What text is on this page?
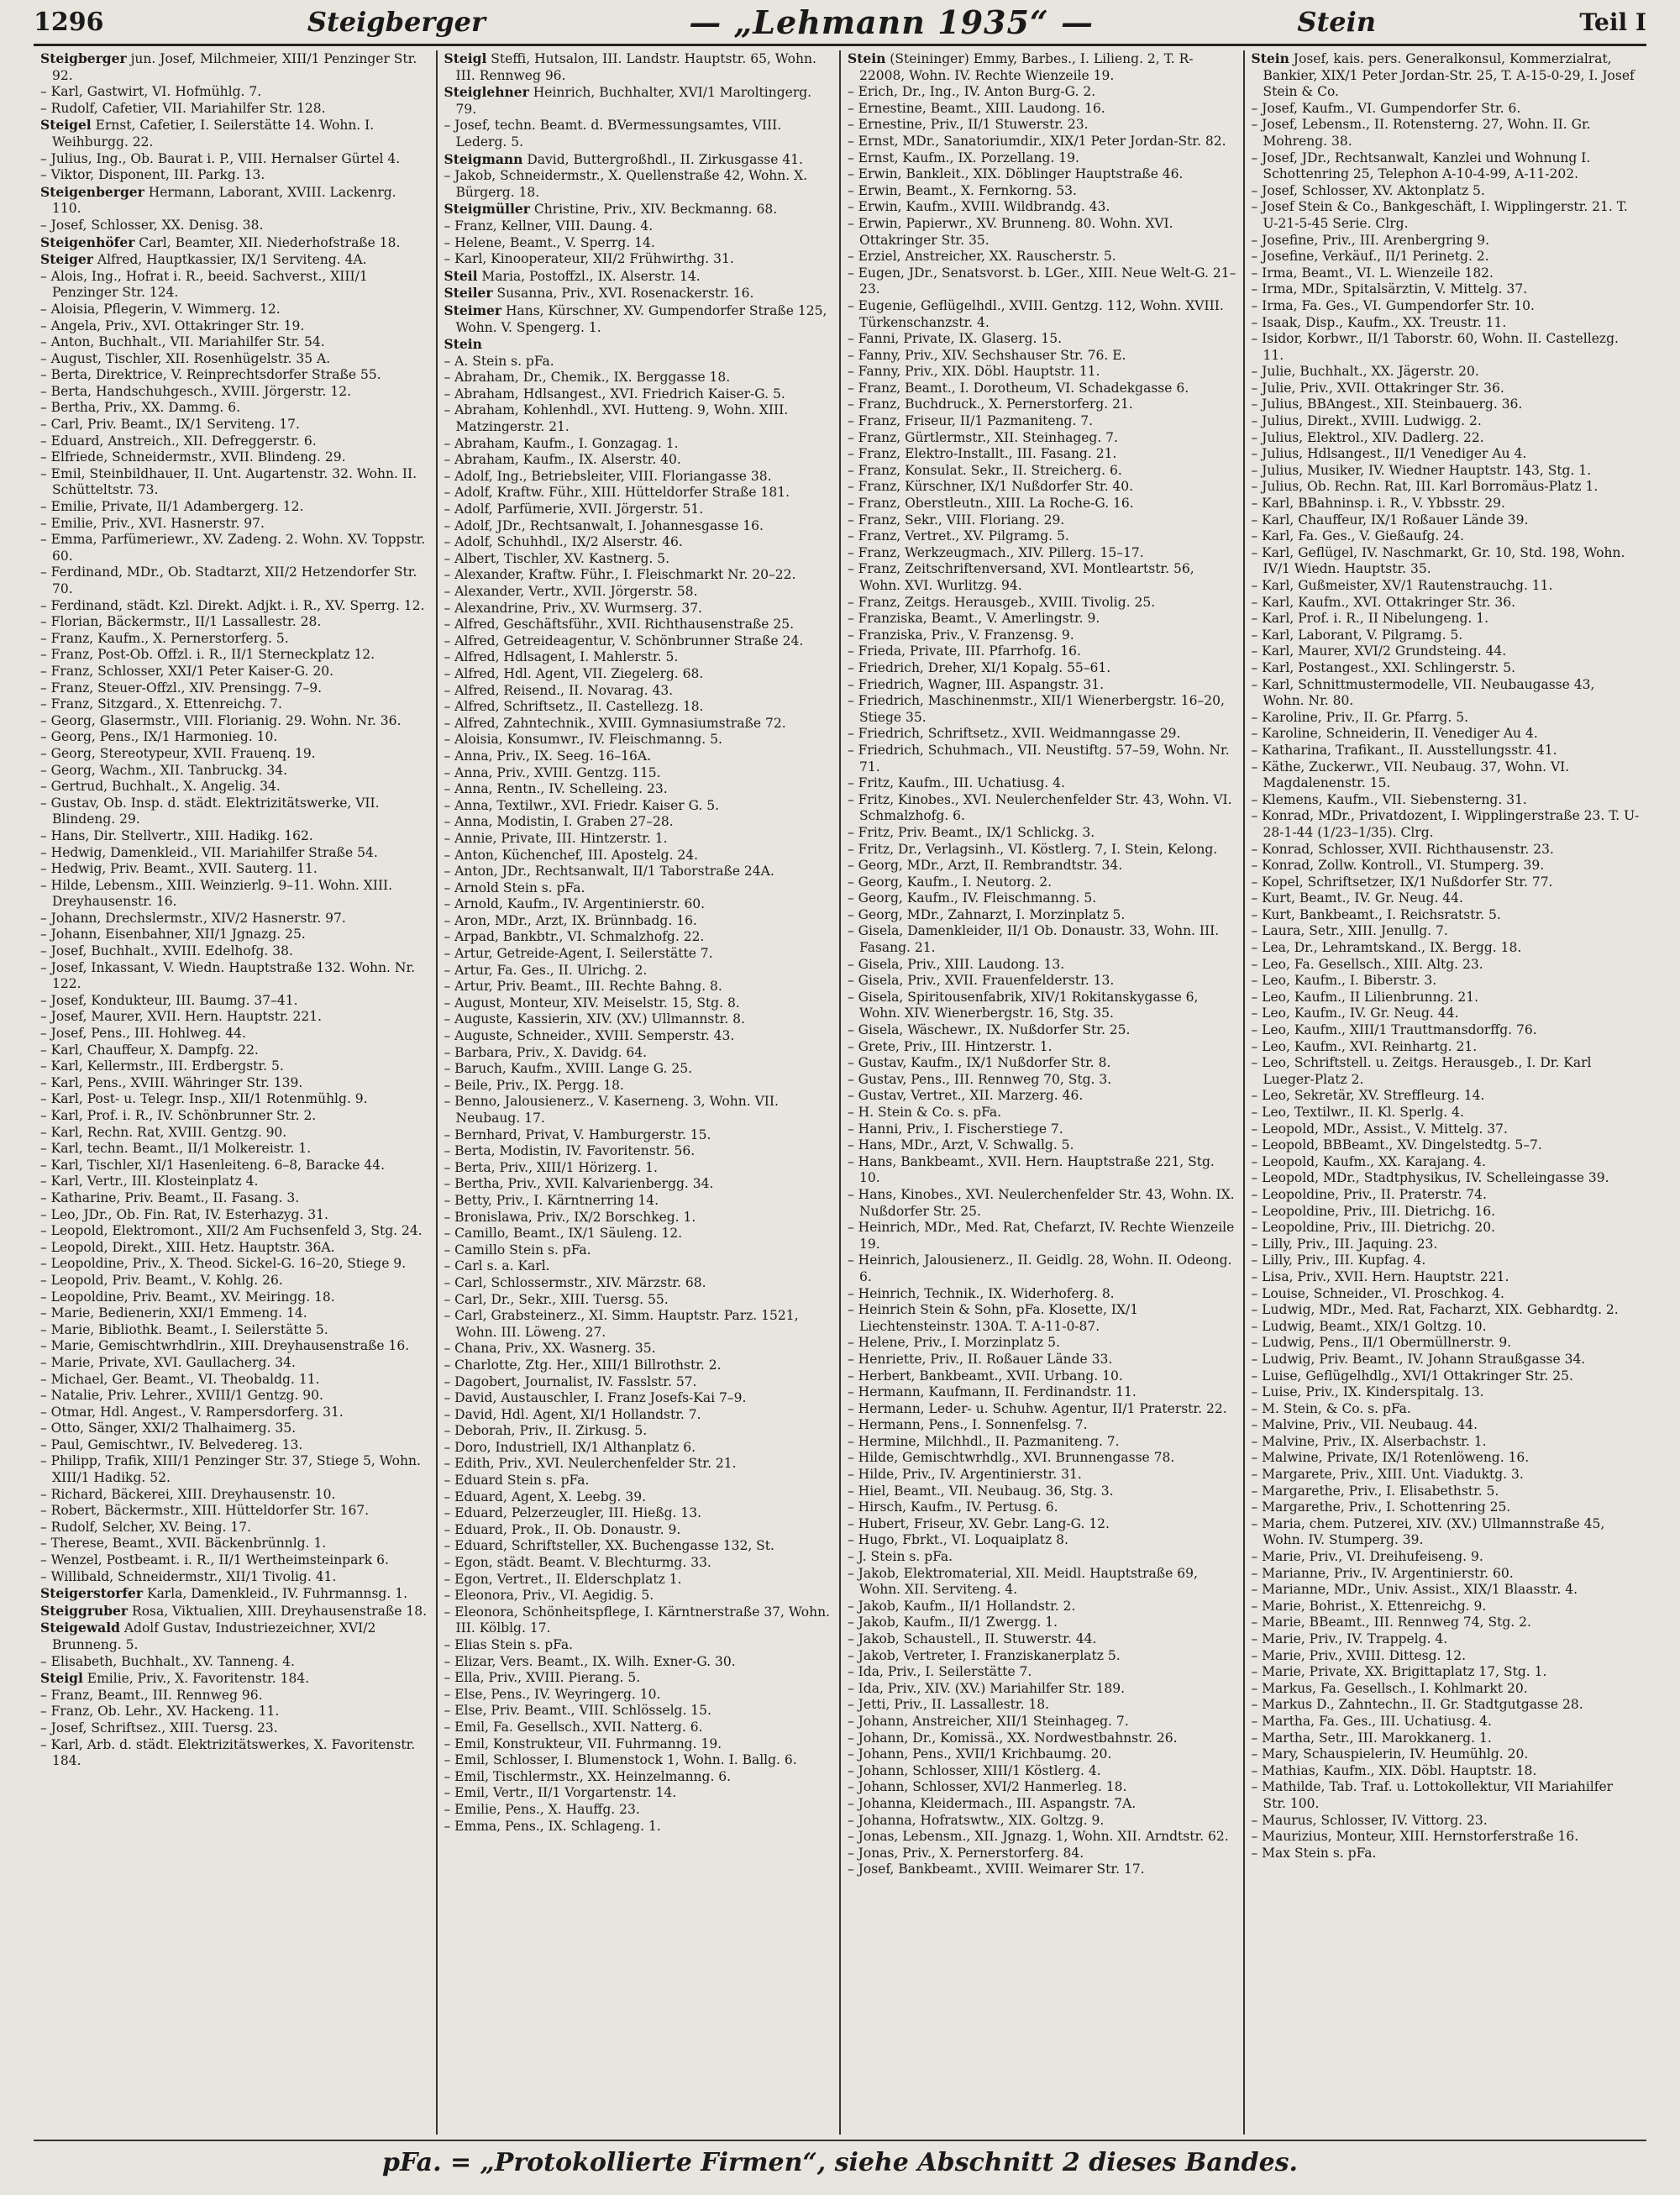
1296	Steigberger	— „Lehmann 1935“ —	Stein	Teil I
Steigberger jun. Josef, Milchmeier, XIII/1 Penzinger Str. 92.
– Karl, Gastwirt, VI. Hofmühlg. 7.
– Rudolf, Cafetier, VII. Mariahilfer Str. 128.
Steigel Ernst, Cafetier, I. Seilerstätte 14. Wohn. I. Weihburgg. 22.
– Julius, Ing., Ob. Baurat i. P., VIII. Hernalser Gürtel 4.
– Viktor, Disponent, III. Parkg. 13.
Steigenberger Hermann, Laborant, XVIII. Lackenrg. 110.
– Josef, Schlosser, XX. Denisg. 38.
Steigenhöfer Carl, Beamter, XII. Niederhofstraße 18.
Steiger Alfred, Hauptkassier, IX/1 Serviteng. 4A.
– Alois, Ing., Hofrat i. R., beeid. Sachverst., XIII/1 Penzinger Str. 124.
– Aloisia, Pflegerin, V. Wimmerg. 12.
– Angela, Priv., XVI. Ottakringer Str. 19.
– Anton, Buchhalt., VII. Mariahilfer Str. 54.
– August, Tischler, XII. Rosenhügelstr. 35 A.
– Berta, Direktrice, V. Reinprechtsdorfer Straße 55.
– Berta, Handschuhgesch., XVIII. Jörgerstr. 12.
– Bertha, Priv., XX. Dammg. 6.
– Carl, Priv. Beamt., IX/1 Serviteng. 17.
– Eduard, Anstreich., XII. Defreggerstr. 6.
– Elfriede, Schneidermstr., XVII. Blindeng. 29.
– Emil, Steinbildhauer, II. Unt. Augartenstr. 32. Wohn. II. Schütteltstr. 73.
– Emilie, Private, II/1 Adambergerg. 12.
– Emilie, Priv., XVI. Hasnerstr. 97.
– Emma, Parfümeriewr., XV. Zadeng. 2. Wohn. XV. Toppstr. 60.
– Ferdinand, MDr., Ob. Stadtarzt, XII/2 Hetzendorfer Str. 70.
– Ferdinand, städt. Kzl. Direkt. Adjkt. i. R., XV. Sperrg. 12.
– Florian, Bäckermstr., II/1 Lassallestr. 28.
– Franz, Kaufm., X. Pernerstorferg. 5.
– Franz, Post-Ob. Offzl. i. R., II/1 Sterneckplatz 12.
– Franz, Schlosser, XXI/1 Peter Kaiser-G. 20.
– Franz, Steuer-Offzl., XIV. Prensingg. 7–9.
– Franz, Sitzgard., X. Ettenreichg. 7.
– Georg, Glasermstr., VIII. Florianig. 29. Wohn. Nr. 36.
– Georg, Pens., IX/1 Harmonieg. 10.
– Georg, Stereotypeur, XVII. Frauenq. 19.
– Georg, Wachm., XII. Tanbruckg. 34.
– Gertrud, Buchhalt., X. Angelig. 34.
– Gustav, Ob. Insp. d. städt. Elektrizitätswerke, VII. Blindeng. 29.
– Hans, Dir. Stellvertr., XIII. Hadikg. 162.
– Hedwig, Damenkleid., VII. Mariahilfer Straße 54.
– Hedwig, Priv. Beamt., XVII. Sauterg. 11.
– Hilde, Lebensm., XIII. Weinzierlg. 9–11. Wohn. XIII. Dreyhausenstr. 16.
– Johann, Drechslermstr., XIV/2 Hasnerstr. 97.
– Johann, Eisenbahner, XII/1 Jgnazg. 25.
– Josef, Buchhalt., XVIII. Edelhofg. 38.
– Josef, Inkassant, V. Wiedn. Hauptstraße 132. Wohn. Nr. 122.
– Josef, Kondukteur, III. Baumg. 37–41.
– Josef, Maurer, XVII. Hern. Hauptstr. 221.
– Josef, Pens., III. Hohlweg. 44.
– Karl, Chauffeur, X. Dampfg. 22.
– Karl, Kellermstr., III. Erdbergstr. 5.
– Karl, Pens., XVIII. Währinger Str. 139.
– Karl, Post- u. Telegr. Insp., XII/1 Rotenmühlg. 9.
– Karl, Prof. i. R., IV. Schönbrunner Str. 2.
– Karl, Rechn. Rat, XVIII. Gentzg. 90.
– Karl, techn. Beamt., II/1 Molkereistr. 1.
– Karl, Tischler, XI/1 Hasenleiteng. 6–8, Baracke 44.
– Karl, Vertr., III. Klosteinplatz 4.
– Katharine, Priv. Beamt., II. Fasang. 3.
– Leo, JDr., Ob. Fin. Rat, IV. Esterhazyg. 31.
– Leopold, Elektromont., XII/2 Am Fuchsenfeld 3, Stg. 24.
– Leopold, Direkt., XIII. Hetz. Hauptstr. 36A.
– Leopoldine, Priv., X. Theod. Sickel-G. 16–20, Stiege 9.
– Leopold, Priv. Beamt., V. Kohlg. 26.
– Leopoldine, Priv. Beamt., XV. Meiringg. 18.
– Marie, Bedienerin, XXI/1 Emmeng. 14.
– Marie, Bibliothk. Beamt., I. Seilerstätte 5.
– Marie, Gemischtwrhdlrin., XIII. Dreyhausenstraße 16.
– Marie, Private, XVI. Gaullacherg. 34.
– Michael, Ger. Beamt., VI. Theobaldg. 11.
– Natalie, Priv. Lehrer., XVIII/1 Gentzg. 90.
– Otmar, Hdl. Angest., V. Rampersdorferg. 31.
– Otto, Sänger, XXI/2 Thalhaimerg. 35.
– Paul, Gemischtwr., IV. Belvedereg. 13.
– Philipp, Trafik, XIII/1 Penzinger Str. 37, Stiege 5, Wohn. XIII/1 Hadikg. 52.
– Richard, Bäckerei, XIII. Dreyhausenstr. 10.
– Robert, Bäckermstr., XIII. Hütteldorfer Str. 167.
– Rudolf, Selcher, XV. Being. 17.
– Therese, Beamt., XVII. Bäckenbrünnlg. 1.
– Wenzel, Postbeamt. i. R., II/1 Wertheimsteinpark 6.
– Willibald, Schneidermstr., XII/1 Tivolig. 41.
Steigerstorfer Karla, Damenkleid., IV. Fuhrmannsg. 1.
Steiggruber Rosa, Viktualien, XIII. Dreyhausenstraße 18.
Steigewald Adolf Gustav, Industriezeichner, XVI/2 Brunneng. 5.
– Elisabeth, Buchhalt., XV. Tanneng. 4.
Steigl Emilie, Priv., X. Favoritenstr. 184.
– Franz, Beamt., III. Rennweg 96.
– Franz, Ob. Lehr., XV. Hackeng. 11.
– Josef, Schriftsez., XIII. Tuersg. 23.
– Karl, Arb. d. städt. Elektrizitätswerkes, X. Favoritenstr. 184.
Steigl Steffi, Hutsalon, III. Landstr. Hauptstr. 65, Wohn. III. Rennweg 96.
Steiglehner Heinrich, Buchhalter, XVI/1 Maroltingerg. 79.
– Josef, techn. Beamt. d. BVermessungsamtes, VIII. Lederg. 5.
Steigmann David, Buttergroßhdl., II. Zirkusgasse 41.
– Jakob, Schneidermstr., X. Quellenstraße 42, Wohn. X. Bürgerg. 18.
Steigmüller Christine, Priv., XIV. Beckmanng. 68.
– Franz, Kellner, VIII. Daung. 4.
– Helene, Beamt., V. Sperrg. 14.
– Karl, Kinooperateur, XII/2 Frühwirthg. 31.
Steil Maria, Postoffzl., IX. Alserstr. 14.
Steiler Susanna, Priv., XVI. Rosenackerstr. 16.
Steimer Hans, Kürschner, XV. Gumpendorfer Straße 125, Wohn. V. Spengerg. 1.
Stein
– A. Stein s. pFa.
– Abraham, Dr., Chemik., IX. Berggasse 18.
– Abraham, Hdlsangest., XVI. Friedrich Kaiser-G. 5.
– Abraham, Kohlenhdl., XVI. Hutteng. 9, Wohn. XIII. Matzingerstr. 21.
– Abraham, Kaufm., I. Gonzagag. 1.
– Abraham, Kaufm., IX. Alserstr. 40.
– Adolf, Ing., Betriebsleiter, VIII. Floriangasse 38.
– Adolf, Kraftw. Führ., XIII. Hütteldorfer Straße 181.
– Adolf, Parfümerie, XVII. Jörgerstr. 51.
– Adolf, JDr., Rechtsanwalt, I. Johannesgasse 16.
– Adolf, Schuhhdl., IX/2 Alserstr. 46.
– Albert, Tischler, XV. Kastnerg. 5.
– Alexander, Kraftw. Führ., I. Fleischmarkt Nr. 20–22.
– Alexander, Vertr., XVII. Jörgerstr. 58.
– Alexandrine, Priv., XV. Wurmserg. 37.
– Alfred, Geschäftsführ., XVII. Richthausenstraße 25.
– Alfred, Getreideagentur, V. Schönbrunner Straße 24.
– Alfred, Hdlsagent, I. Mahlerstr. 5.
– Alfred, Hdl. Agent, VII. Ziegelerg. 68.
– Alfred, Reisend., II. Novarag. 43.
– Alfred, Schriftsetz., II. Castellezg. 18.
– Alfred, Zahntechnik., XVIII. Gymnasiumstraße 72.
– Aloisia, Konsumwr., IV. Fleischmanng. 5.
– Anna, Priv., IX. Seeg. 16–16A.
– Anna, Priv., XVIII. Gentzg. 115.
– Anna, Rentn., IV. Schelleing. 23.
– Anna, Textilwr., XVI. Friedr. Kaiser G. 5.
– Anna, Modistin, I. Graben 27–28.
– Annie, Private, III. Hintzerstr. 1.
– Anton, Küchenchef, III. Apostelg. 24.
– Anton, JDr., Rechtsanwalt, II/1 Taborstraße 24A.
– Arnold Stein s. pFa.
– Arnold, Kaufm., IV. Argentinierstr. 60.
– Aron, MDr., Arzt, IX. Brünnbadg. 16.
– Arpad, Bankbtr., VI. Schmalzhofg. 22.
– Artur, Getreide-Agent, I. Seilerstätte 7.
– Artur, Fa. Ges., II. Ulrichg. 2.
– Artur, Priv. Beamt., III. Rechte Bahng. 8.
– August, Monteur, XIV. Meiselstr. 15, Stg. 8.
– Auguste, Kassierin, XIV. (XV.) Ullmannstr. 8.
– Auguste, Schneider., XVIII. Semperstr. 43.
– Barbara, Priv., X. Davidg. 64.
– Baruch, Kaufm., XVIII. Lange G. 25.
– Beile, Priv., IX. Pergg. 18.
– Benno, Jalousienerz., V. Kaserneng. 3, Wohn. VII. Neubaug. 17.
– Bernhard, Privat, V. Hamburgerstr. 15.
– Berta, Modistin, IV. Favoritenstr. 56.
– Berta, Priv., XIII/1 Hörizerg. 1.
– Bertha, Priv., XVII. Kalvarienbergg. 34.
– Betty, Priv., I. Kärntnerring 14.
– Bronislawa, Priv., IX/2 Borschkeg. 1.
– Camillo, Beamt., IX/1 Säuleng. 12.
– Camillo Stein s. pFa.
– Carl s. a. Karl.
– Carl, Schlossermstr., XIV. Märzstr. 68.
– Carl, Dr., Sekr., XIII. Tuersg. 55.
– Carl, Grabsteinerz., XI. Simm. Hauptstr. Parz. 1521, Wohn. III. Löweng. 27.
– Chana, Priv., XX. Wasnerg. 35.
– Charlotte, Ztg. Her., XIII/1 Billrothstr. 2.
– Dagobert, Journalist, IV. Fasslstr. 57.
– David, Austauschler, I. Franz Josefs-Kai 7–9.
– David, Hdl. Agent, XI/1 Hollandstr. 7.
– Deborah, Priv., II. Zirkusg. 5.
– Doro, Industriell, IX/1 Althanplatz 6.
– Edith, Priv., XVI. Neulerchenfelder Str. 21.
– Eduard Stein s. pFa.
– Eduard, Agent, X. Leebg. 39.
– Eduard, Pelzerzeugler, III. Hießg. 13.
– Eduard, Prok., II. Ob. Donaustr. 9.
– Eduard, Schriftsteller, XX. Buchengasse 132, St.
– Egon, städt. Beamt. V. Blechturmg. 33.
– Egon, Vertret., II. Elderschplatz 1.
– Eleonora, Priv., VI. Aegidig. 5.
– Eleonora, Schönheitspflege, I. Kärntnerstraße 37, Wohn. III. Kölblg. 17.
– Elias Stein s. pFa.
– Elizar, Vers. Beamt., IX. Wilh. Exner-G. 30.
– Ella, Priv., XVIII. Pierang. 5.
– Else, Pens., IV. Weyringerg. 10.
– Else, Priv. Beamt., VIII. Schlösselg. 15.
– Emil, Fa. Gesellsch., XVII. Natterg. 6.
– Emil, Konstrukteur, VII. Fuhrmanng. 19.
– Emil, Schlosser, I. Blumenstock 1, Wohn. I. Ballg. 6.
– Emil, Tischlermstr., XX. Heinzelmanng. 6.
– Emil, Vertr., II/1 Vorgartenstr. 14.
– Emilie, Pens., X. Hauffg. 23.
– Emma, Pens., IX. Schlageng. 1.
Stein (Steininger) Emmy, Barbes., I. Lilieng. 2, T. R-22008, Wohn. IV. Rechte Wienzeile 19.
– Erich, Dr., Ing., IV. Anton Burg-G. 2.
– Ernestine, Beamt., XIII. Laudong. 16.
– Ernestine, Priv., II/1 Stuwerstr. 23.
– Ernst, MDr., Sanatoriumdir., XIX/1 Peter Jordan-Str. 82.
– Ernst, Kaufm., IX. Porzellang. 19.
– Erwin, Bankleit., XIX. Döblinger Hauptstraße 46.
– Erwin, Beamt., X. Fernkorng. 53.
– Erwin, Kaufm., XVIII. Wildbrandg. 43.
– Erwin, Papierwr., XV. Brunneng. 80. Wohn. XVI. Ottakringer Str. 35.
– Erziel, Anstreicher, XX. Rauscherstr. 5.
– Eugen, JDr., Senatsvorst. b. LGer., XIII. Neue Welt-G. 21–23.
– Eugenie, Geflügelhdl., XVIII. Gentzg. 112, Wohn. XVIII. Türkenschanzstr. 4.
– Fanni, Private, IX. Glaserg. 15.
– Fanny, Priv., XIV. Sechshauser Str. 76. E.
– Fanny, Priv., XIX. Döbl. Hauptstr. 11.
– Franz, Beamt., I. Dorotheum, VI. Schadekgasse 6.
– Franz, Buchdruck., X. Pernerstorferg. 21.
– Franz, Friseur, II/1 Pazmaniteng. 7.
– Franz, Gürtlermstr., XII. Steinhageg. 7.
– Franz, Elektro-Installt., III. Fasang. 21.
– Franz, Konsulat. Sekr., II. Streicherg. 6.
– Franz, Kürschner, IX/1 Nußdorfer Str. 40.
– Franz, Oberstleutn., XIII. La Roche-G. 16.
– Franz, Sekr., VIII. Floriang. 29.
– Franz, Vertret., XV. Pilgramg. 5.
– Franz, Werkzeugmach., XIV. Pillerg. 15–17.
– Franz, Zeitschriftenversand, XVI. Montleartstr. 56, Wohn. XVI. Wurlitzg. 94.
– Franz, Zeitgs. Herausgeb., XVIII. Tivolig. 25.
– Franziska, Beamt., V. Amerlingstr. 9.
– Franziska, Priv., V. Franzensg. 9.
– Frieda, Private, III. Pfarrhofg. 16.
– Friedrich, Dreher, XI/1 Kopalg. 55–61.
– Friedrich, Wagner, III. Aspangstr. 31.
– Friedrich, Maschinenmstr., XII/1 Wienerbergstr. 16–20, Stiege 35.
– Friedrich, Schriftsetz., XVII. Weidmanngasse 29.
– Friedrich, Schuhmach., VII. Neustiftg. 57–59, Wohn. Nr. 71.
– Fritz, Kaufm., III. Uchatiusg. 4.
– Fritz, Kinobes., XVI. Neulerchenfelder Str. 43, Wohn. VI. Schmalzhofg. 6.
– Fritz, Priv. Beamt., IX/1 Schlickg. 3.
– Fritz, Dr., Verlagsinh., VI. Köstlerg. 7, I. Stein, Kelong.
– Georg, MDr., Arzt, II. Rembrandtstr. 34.
– Georg, Kaufm., I. Neutorg. 2.
– Georg, Kaufm., IV. Fleischmanng. 5.
– Georg, MDr., Zahnarzt, I. Morzinplatz 5.
– Gisela, Damenkleider, II/1 Ob. Donaustr. 33, Wohn. III. Fasang. 21.
– Gisela, Priv., XIII. Laudong. 13.
– Gisela, Priv., XVII. Frauenfelderstr. 13.
– Gisela, Spiritousenfabrik, XIV/1 Rokitanskygasse 6, Wohn. XIV. Wienerbergstr. 16, Stg. 35.
– Gisela, Wäschewr., IX. Nußdorfer Str. 25.
– Grete, Priv., III. Hintzerstr. 1.
– Gustav, Kaufm., IX/1 Nußdorfer Str. 8.
– Gustav, Pens., III. Rennweg 70, Stg. 3.
– Gustav, Vertret., XII. Marzerg. 46.
– H. Stein & Co. s. pFa.
– Hanni, Priv., I. Fischerstiege 7.
– Hans, MDr., Arzt, V. Schwallg. 5.
– Hans, Bankbeamt., XVII. Hern. Hauptstraße 221, Stg. 10.
– Hans, Kinobes., XVI. Neulerchenfelder Str. 43, Wohn. IX. Nußdorfer Str. 25.
– Heinrich, MDr., Med. Rat, Chefarzt, IV. Rechte Wienzeile 19.
– Heinrich, Jalousienerz., II. Geidlg. 28, Wohn. II. Odeong. 6.
– Heinrich, Technik., IX. Widerhoferg. 8.
– Heinrich Stein & Sohn, pFa. Klosette, IX/1 Liechtensteinstr. 130A. T. A-11-0-87.
– Helene, Priv., I. Morzinplatz 5.
– Henriette, Priv., II. Roßauer Lände 33.
– Herbert, Bankbeamt., XVII. Urbang. 10.
– Hermann, Kaufmann, II. Ferdinandstr. 11.
– Hermann, Leder- u. Schuhw. Agentur, II/1 Praterstr. 22.
– Hermann, Pens., I. Sonnenfelsg. 7.
– Hermine, Milchhdl., II. Pazmaniteng. 7.
– Hilde, Gemischtwrhdlg., XVI. Brunnengasse 78.
– Hilde, Priv., IV. Argentinierstr. 31.
– Hiel, Beamt., VII. Neubaug. 36, Stg. 3.
– Hirsch, Kaufm., IV. Pertusg. 6.
– Hubert, Friseur, XV. Gebr. Lang-G. 12.
– Hugo, Fbrkt., VI. Loquaiplatz 8.
– J. Stein s. pFa.
– Jakob, Elektromaterial, XII. Meidl. Hauptstraße 69, Wohn. XII. Serviteng. 4.
– Jakob, Kaufm., II/1 Hollandstr. 2.
– Jakob, Kaufm., II/1 Zwergg. 1.
– Jakob, Schaustell., II. Stuwerstr. 44.
– Jakob, Vertreter, I. Franziskanerplatz 5.
– Ida, Priv., I. Seilerstätte 7.
– Ida, Priv., XIV. (XV.) Mariahilfer Str. 189.
– Jetti, Priv., II. Lassallestr. 18.
– Johann, Anstreicher, XII/1 Steinhageg. 7.
– Johann, Dr., Komissä., XX. Nordwestbahnstr. 26.
– Johann, Pens., XVII/1 Krichbaumg. 20.
– Johann, Schlosser, XIII/1 Köstlerg. 4.
– Johann, Schlosser, XVI/2 Hanmerleg. 18.
– Johanna, Kleidermach., III. Aspangstr. 7A.
– Johanna, Hofratswtw., XIX. Goltzg. 9.
– Jonas, Lebensm., XII. Jgnazg. 1, Wohn. XII. Arndtstr. 62.
– Jonas, Priv., X. Pernerstorferg. 84.
– Josef, Bankbeamt., XVIII. Weimarer Str. 17.
Stein Josef, kais. pers. Generalkonsul, Kommerzialrat, Bankier, XIX/1 Peter Jordan-Str. 25, T. A-15-0-29, I. Josef Stein & Co.
– Josef, Kaufm., VI. Gumpendorfer Str. 6.
– Josef, Lebensm., II. Rotensterng. 27, Wohn. II. Gr. Mohreng. 38.
– Josef, JDr., Rechtsanwalt, Kanzlei und Wohnung I. Schottenring 25, Telephon A-10-4-99, A-11-202.
– Josef, Schlosser, XV. Aktonplatz 5.
– Josef Stein & Co., Bankgeschäft, I. Wipplingerstr. 21. T. U-21-5-45 Serie. Clrg.
– Josefine, Priv., III. Arenbergring 9.
– Josefine, Verkäuf., II/1 Perinetg. 2.
– Irma, Beamt., VI. L. Wienzeile 182.
– Irma, MDr., Spitalsärztin, V. Mittelg. 37.
– Irma, Fa. Ges., VI. Gumpendorfer Str. 10.
– Isaak, Disp., Kaufm., XX. Treustr. 11.
– Isidor, Korbwr., II/1 Taborstr. 60, Wohn. II. Castellezg. 11.
– Julie, Buchhalt., XX. Jägerstr. 20.
– Julie, Priv., XVII. Ottakringer Str. 36.
– Julius, BBAngest., XII. Steinbauerg. 36.
– Julius, Direkt., XVIII. Ludwigg. 2.
– Julius, Elektrol., XIV. Dadlerg. 22.
– Julius, Hdlsangest., II/1 Venediger Au 4.
– Julius, Musiker, IV. Wiedner Hauptstr. 143, Stg. 1.
– Julius, Ob. Rechn. Rat, III. Karl Borromäus-Platz 1.
– Karl, BBahninsp. i. R., V. Ybbsstr. 29.
– Karl, Chauffeur, IX/1 Roßauer Lände 39.
– Karl, Fa. Ges., V. Gießaufg. 24.
– Karl, Geflügel, IV. Naschmarkt, Gr. 10, Std. 198, Wohn. IV/1 Wiedn. Hauptstr. 35.
– Karl, Gußmeister, XV/1 Rautenstrauchg. 11.
– Karl, Kaufm., XVI. Ottakringer Str. 36.
– Karl, Prof. i. R., II Nibelungeng. 1.
– Karl, Laborant, V. Pilgramg. 5.
– Karl, Maurer, XVI/2 Grundsteing. 44.
– Karl, Postangest., XXI. Schlingerstr. 5.
– Karl, Schnittmustermodelle, VII. Neubaugasse 43, Wohn. Nr. 80.
– Karoline, Priv., II. Gr. Pfarrg. 5.
– Karoline, Schneiderin, II. Venediger Au 4.
– Katharina, Trafikant., II. Ausstellungsstr. 41.
– Käthe, Zuckerwr., VII. Neubaug. 37, Wohn. VI. Magdalenenstr. 15.
– Klemens, Kaufm., VII. Siebensterng. 31.
– Konrad, MDr., Privatdozent, I. Wipplingerstraße 23. T. U-28-1-44 (1/23–1/35). Clrg.
– Konrad, Schlosser, XVII. Richthausenstr. 23.
– Konrad, Zollw. Kontroll., VI. Stumperg. 39.
– Kopel, Schriftsetzer, IX/1 Nußdorfer Str. 77.
– Kurt, Beamt., IV. Gr. Neug. 44.
– Kurt, Bankbeamt., I. Reichsratstr. 5.
– Laura, Setr., XIII. Jenullg. 7.
– Lea, Dr., Lehramtskand., IX. Bergg. 18.
– Leo, Fa. Gesellsch., XIII. Altg. 23.
– Leo, Kaufm., I. Biberstr. 3.
– Leo, Kaufm., II Lilienbrunng. 21.
– Leo, Kaufm., IV. Gr. Neug. 44.
– Leo, Kaufm., XIII/1 Trauttmansdorffg. 76.
– Leo, Kaufm., XVI. Reinhartg. 21.
– Leo, Schriftstell. u. Zeitgs. Herausgeb., I. Dr. Karl Lueger-Platz 2.
– Leo, Sekretär, XV. Streffleurg. 14.
– Leo, Textilwr., II. Kl. Sperlg. 4.
– Leopold, MDr., Assist., V. Mittelg. 37.
– Leopold, BBBeamt., XV. Dingelstedtg. 5–7.
– Leopold, Kaufm., XX. Karajang. 4.
– Leopold, MDr., Stadtphysikus, IV. Schelleingasse 39.
– Leopoldine, Priv., II. Praterstr. 74.
– Leopoldine, Priv., III. Dietrichg. 16.
– Leopoldine, Priv., III. Dietrichg. 20.
– Lilly, Priv., III. Jaquing. 23.
– Lilly, Priv., III. Kupfag. 4.
– Lisa, Priv., XVII. Hern. Hauptstr. 221.
– Louise, Schneider., VI. Proschkog. 4.
– Ludwig, MDr., Med. Rat, Facharzt, XIX. Gebhardtg. 2.
– Ludwig, Beamt., XIX/1 Goltzg. 10.
– Ludwig, Pens., II/1 Obermüllnerstr. 9.
– Ludwig, Priv. Beamt., IV. Johann Straußgasse 34.
– Luise, Geflügelhdlg., XVI/1 Ottakringer Str. 25.
– Luise, Priv., IX. Kinderspitalg. 13.
– M. Stein, & Co. s. pFa.
– Malvine, Priv., VII. Neubaug. 44.
– Malvine, Priv., IX. Alserbachstr. 1.
– Malwine, Private, IX/1 Rotenlöweng. 16.
– Margarete, Priv., XIII. Unt. Viaduktg. 3.
– Margarethe, Priv., I. Elisabethstr. 5.
– Margarethe, Priv., I. Schottenring 25.
– Maria, chem. Putzerei, XIV. (XV.) Ullmannstraße 45, Wohn. IV. Stumperg. 39.
– Marie, Priv., VI. Dreihufeiseng. 9.
– Marianne, Priv., IV. Argentinierstr. 60.
– Marianne, MDr., Univ. Assist., XIX/1 Blaasstr. 4.
– Marie, Bohrist., X. Ettenreichg. 9.
– Marie, BBeamt., III. Rennweg 74, Stg. 2.
– Marie, Priv., IV. Trappelg. 4.
– Marie, Priv., XVIII. Dittesg. 12.
– Marie, Private, XX. Brigittaplatz 17, Stg. 1.
– Markus, Fa. Gesellsch., I. Kohlmarkt 20.
– Markus D., Zahntechn., II. Gr. Stadtgutgasse 28.
– Martha, Fa. Ges., III. Uchatiusg. 4.
– Martha, Setr., III. Marokkanerg. 1.
– Mary, Schauspielerin, IV. Heumühlg. 20.
– Mathias, Kaufm., XIX. Döbl. Hauptstr. 18.
– Mathilde, Tab. Traf. u. Lottokollektur, VII Mariahilfer Str. 100.
– Maurus, Schlosser, IV. Vittorg. 23.
– Maurizius, Monteur, XIII. Hernstorferstraße 16.
– Max Stein s. pFa.
pFa. = „Protokollierte Firmen“, siehe Abschnitt 2 dieses Bandes.
